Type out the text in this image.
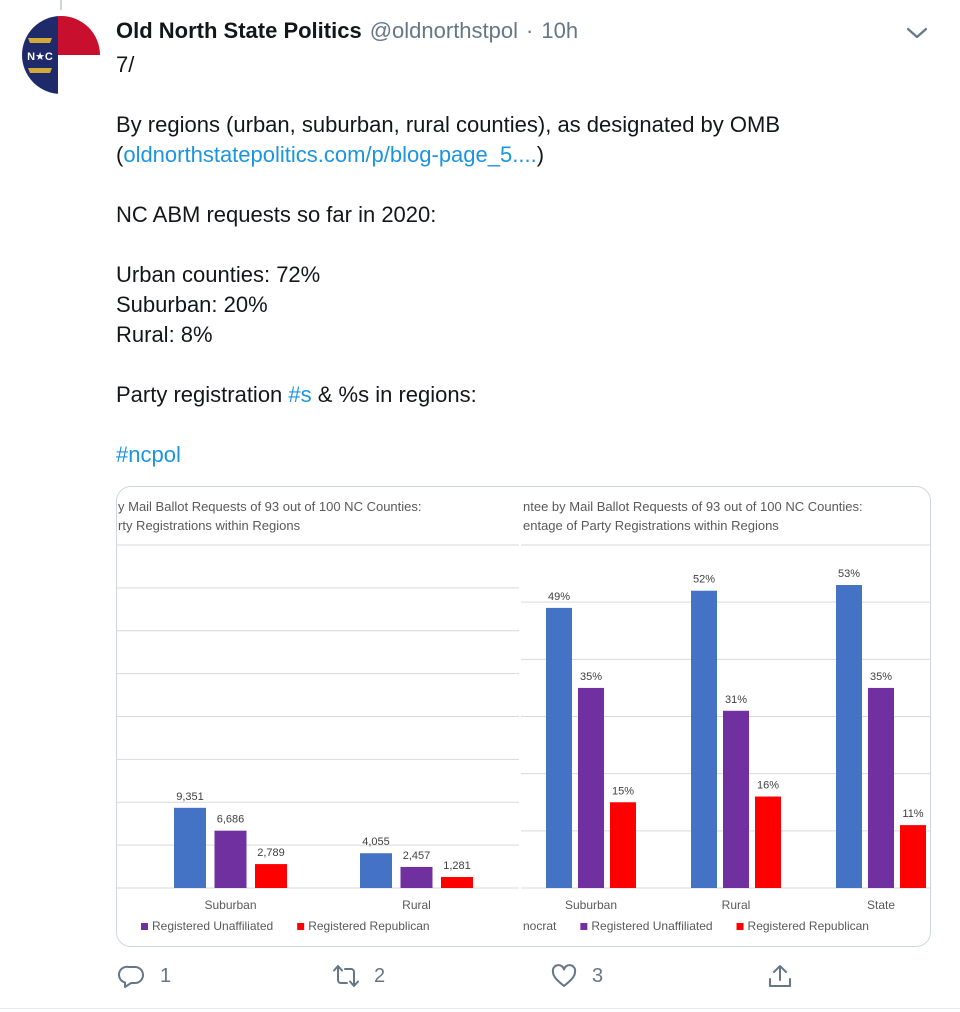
N★C
Old North State Politics @oldnorthstpol · 10h
7/
By regions (urban, suburban, rural counties), as designated by OMB
(oldnorthstatepolitics.com/p/blog-page_5....)
NC ABM requests so far in 2020:
Urban counties: 72%
Suburban: 20%
Rural: 8%
Party registration #s & %s in regions:
#ncpol
y Mail Ballot Requests of 93 out of 100 NC Counties:
rty Registrations within Regions
9,351
6,686
2,789
Suburban
4,055
2,457
1,281
Rural
Registered Unaffiliated	Registered Republican
ntee by Mail Ballot Requests of 93 out of 100 NC Counties:
entage of Party Registrations within Regions
49%
35%
15%
Suburban
52%
31%
16%
Rural
53%
35%
11%
State
nocrat	Registered Unaffiliated	Registered Republican
1	2	3
